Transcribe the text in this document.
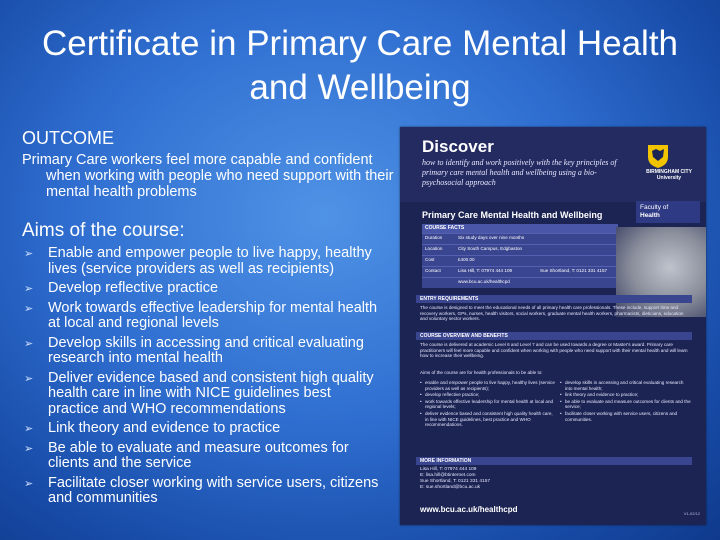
Certificate in Primary Care Mental Health and Wellbeing

OUTCOME

Primary Care workers feel more capable and confident when working with people who need support with their mental health problems

Aims of the course:

➢ Enable and empower people to live happy, healthy lives (service providers as well as recipients)
➢ Develop reflective practice
➢ Work towards effective leadership for mental health at local and regional levels
➢ Develop skills in accessing and critical evaluating research into mental health
➢ Deliver evidence based and consistent high quality health care in line with NICE guidelines best practice and WHO recommendations
➢ Link theory and evidence to practice
➢ Be able to evaluate and measure outcomes for clients and the service
➢ Facilitate closer working with service users, citizens and communities

Discover

how to identify and work positively with the key principles of primary care mental health and wellbeing using a bio-psychosocial approach

BIRMINGHAM CITY University

Faculty of
Health

Primary Care Mental Health and Wellbeing

COURSE FACTS
Duration	Six study days over nine months
Location	City South Campus, Edgbaston
Cost	£400.00
Contact	Lisa Hill, T: 07974 444 109	Sue Shortland, T: 0121 331 4157
www.bcu.ac.uk/healthcpd
ENTRY REQUIREMENTS

The course is designed to meet the educational needs of all primary health care professionals. These include, support time and recovery workers, GPs, nurses, health visitors, social workers, graduate mental health workers, pharmacists, dieticians, education and voluntary sector workers.

COURSE OVERVIEW AND BENEFITS

The course is delivered at academic Level 6 and Level 7 and can be used towards a degree or Master's award. Primary care practitioners will feel more capable and confident when working with people who need support with their mental health and will learn how to increase their wellbeing.

Aims of the course are for health professionals to be able to:

• enable and empower people to live happy, healthy lives (service providers as well as recipients);
• develop reflective practice;
• work towards effective leadership for mental health at local and regional levels;
• deliver evidence based and consistent high quality health care, in line with NICE guidelines, best practice and WHO recommendations.
• develop skills in accessing and critical evaluating research into mental health;
• link theory and evidence to practice;
• be able to evaluate and measure outcomes for clients and the service;
• facilitate closer working with service users, citizens and communities.
MORE INFORMATION

Lisa Hill, T: 07974 444 109

E: lisa.hill@btinternet.com

Sue Shortland, T: 0121 331 4157

E: sue.shortland@bcu.ac.uk

www.bcu.ac.uk/healthcpd	V1-02/12
